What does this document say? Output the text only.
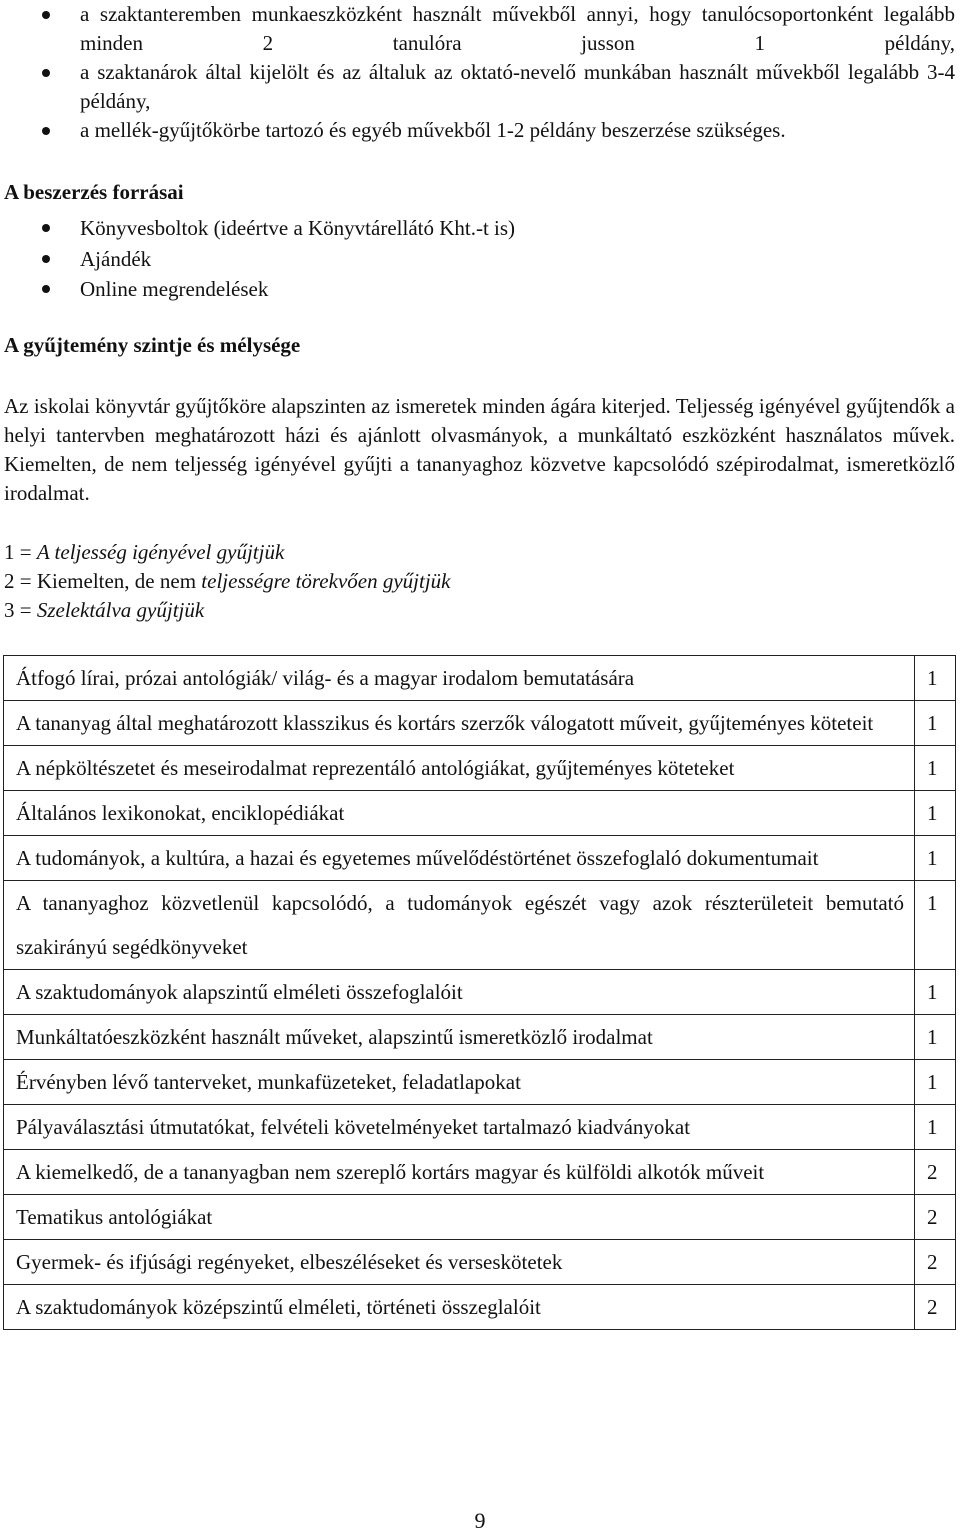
a szaktanteremben munkaeszközként használt művekből annyi, hogy tanulócsoportonként legalább minden 2 tanulóra jusson 1 példány,
a szaktanárok által kijelölt és az általuk az oktató-nevelő munkában használt művekből legalább 3-4 példány,
a mellék-gyűjtőkörbe tartozó és egyéb művekből 1-2 példány beszerzése szükséges.
A beszerzés forrásai
Könyvesboltok (ideértve a Könyvtárellátó Kht.-t is)
Ajándék
Online megrendelések
A gyűjtemény szintje és mélysége
Az iskolai könyvtár gyűjtőköre alapszinten az ismeretek minden ágára kiterjed. Teljesség igényével gyűjtendők a helyi tantervben meghatározott házi és ajánlott olvasmányok, a munkáltató eszközként használatos művek. Kiemelten, de nem teljesség igényével gyűjti a tananyaghoz közvetve kapcsolódó szépirodalmat, ismeretközlő irodalmat.
1 = A teljesség igényével gyűjtjük
2 = Kiemelten, de nem teljességre törekvően gyűjtjük
3 = Szelektálva gyűjtjük
Átfogó lírai, prózai antológiák/ világ- és a magyar irodalom bemutatására	1
A tananyag által meghatározott klasszikus és kortárs szerzők válogatott műveit, gyűjteményes köteteit	1
A népköltészetet és meseirodalmat reprezentáló antológiákat, gyűjteményes köteteket	1
Általános lexikonokat, enciklopédiákat	1
A tudományok, a kultúra, a hazai és egyetemes művelődéstörténet összefoglaló dokumentumait	1
A tananyaghoz közvetlenül kapcsolódó, a tudományok egészét vagy azok részterületeit bemutató szakirányú segédkönyveket	1
A szaktudományok alapszintű elméleti összefoglalóit	1
Munkáltatóeszközként használt műveket, alapszintű ismeretközlő irodalmat	1
Érvényben lévő tanterveket, munkafüzeteket, feladatlapokat	1
Pályaválasztási útmutatókat, felvételi követelményeket tartalmazó kiadványokat	1
A kiemelkedő, de a tananyagban nem szereplő kortárs magyar és külföldi alkotók műveit	2
Tematikus antológiákat	2
Gyermek- és ifjúsági regényeket, elbeszéléseket és verseskötetek	2
A szaktudományok középszintű elméleti, történeti összeglalóit	2
9
